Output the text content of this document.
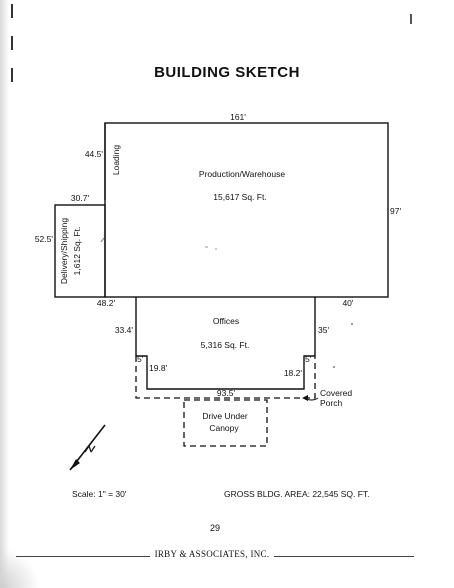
BUILDING SKETCH
161'
44.5'
97'
30.7'
52.5'
48.2'	40'
33.4'	35'
5'	5'
19.8'	18.2'
93.5'
Production/Warehouse
15,617 Sq. Ft.
Loading
Delivery/Shipping 1,612 Sq. Ft.
Offices
5,316 Sq. Ft.
Drive Under
Canopy
Covered
Porch
Scale: 1" = 30'	GROSS BLDG. AREA: 22,545 SQ. FT.
29
IRBY & ASSOCIATES, INC.
